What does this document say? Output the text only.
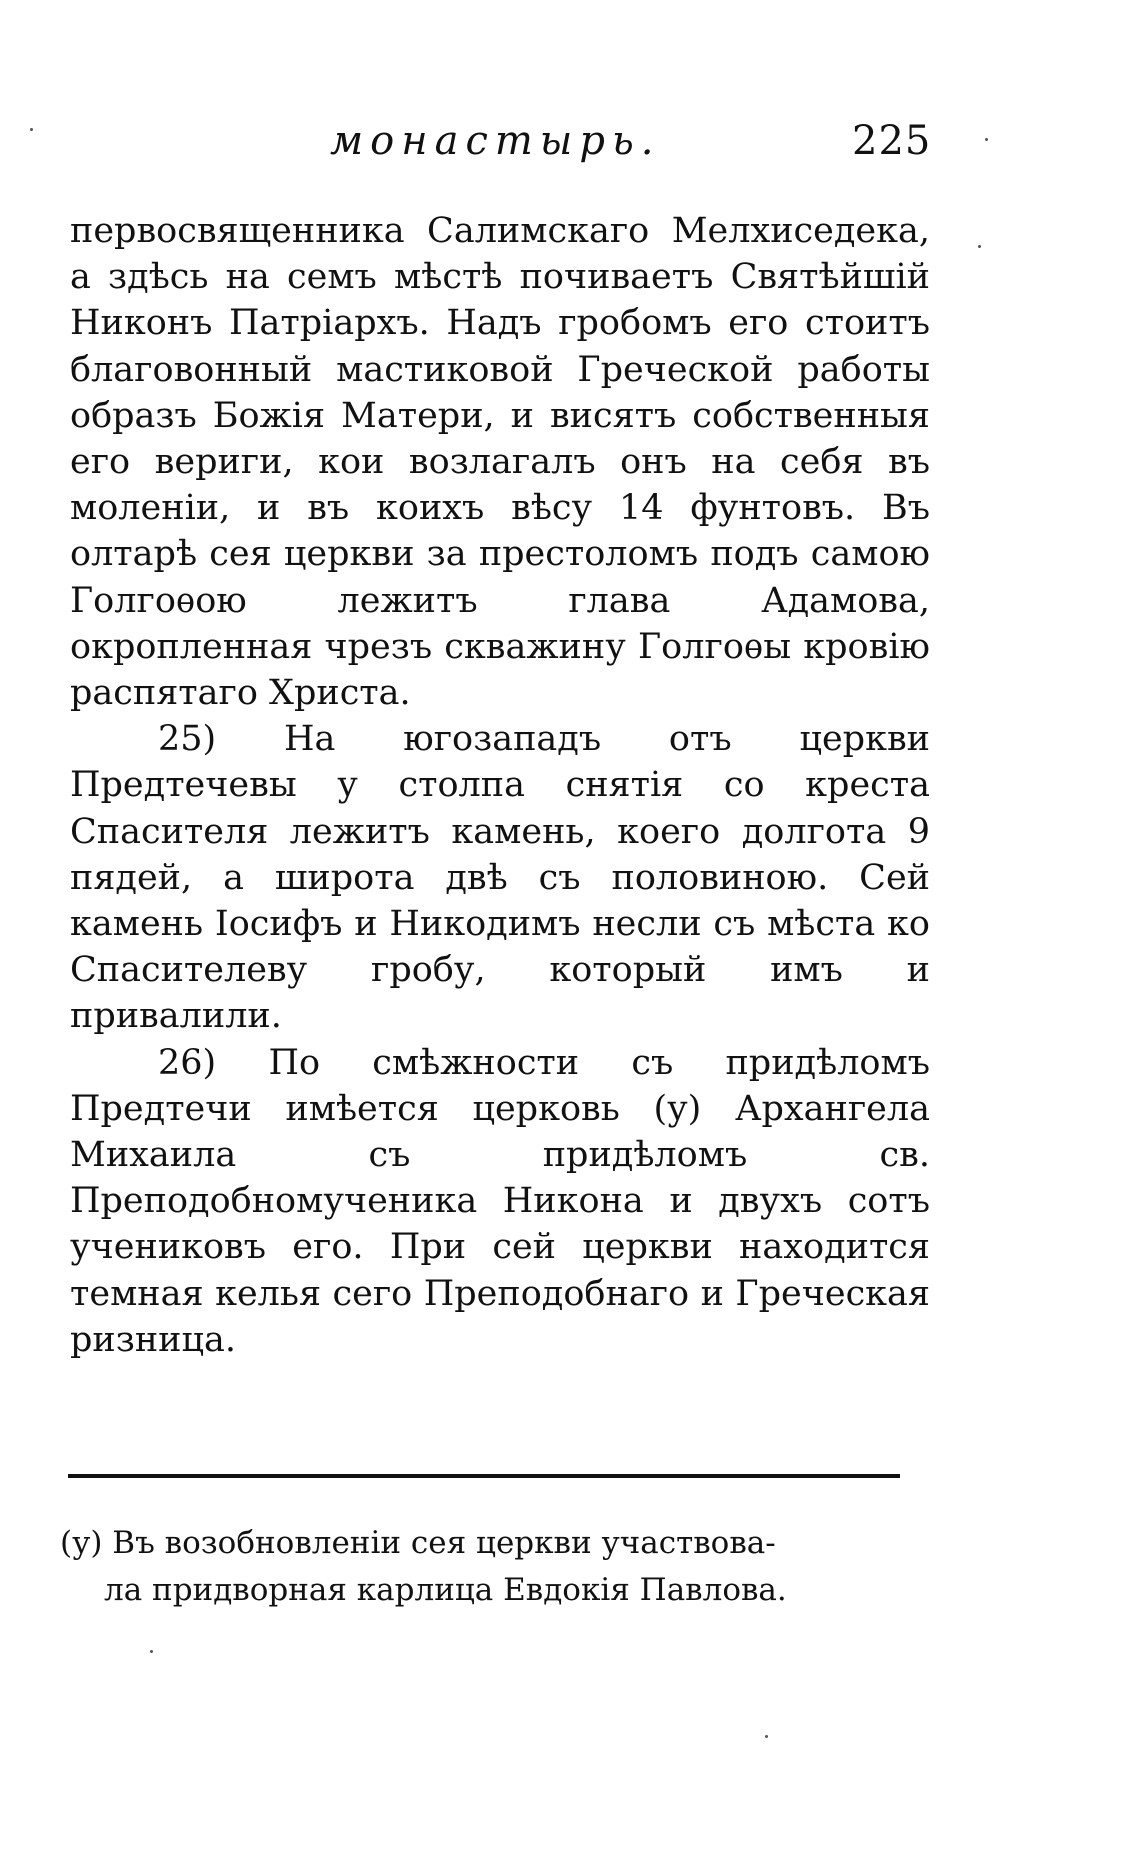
монастырь.	225

первосвященника Салимскаго Мелхиседека, а здѣсь на семъ мѣстѣ почиваетъ Святѣйшій Никонъ Патріархъ. Надъ гробомъ его стоитъ благовонный мастиковой Греческой работы образъ Божія Матери, и висятъ собственныя его вериги, кои возлагалъ онъ на себя въ моленіи, и въ коихъ вѣсу 14 фунтовъ. Въ олтарѣ сея церкви за престоломъ подъ самою Голгоѳою лежитъ глава Адамова, окропленная чрезъ скважину Голгоѳы кровію распятаго Христа.

25) На югозападъ отъ церкви Предтечевы у столпа снятія со креста Спасителя лежитъ камень, коего долгота 9 пядей, а широта двѣ съ половиною. Сей камень Іосифъ и Никодимъ несли съ мѣста ко Спасителеву гробу, который имъ и привалили.

26) По смѣжности съ придѣломъ Предтечи имѣется церковь (у) Архангела Михаила съ придѣломъ св. Преподобномученика Никона и двухъ сотъ учениковъ его. При сей церкви находится темная келья сего Преподобнаго и Греческая ризница.

(у) Въ возобновленіи сея церкви участвова-
ла придворная карлица Евдокія Павлова.
